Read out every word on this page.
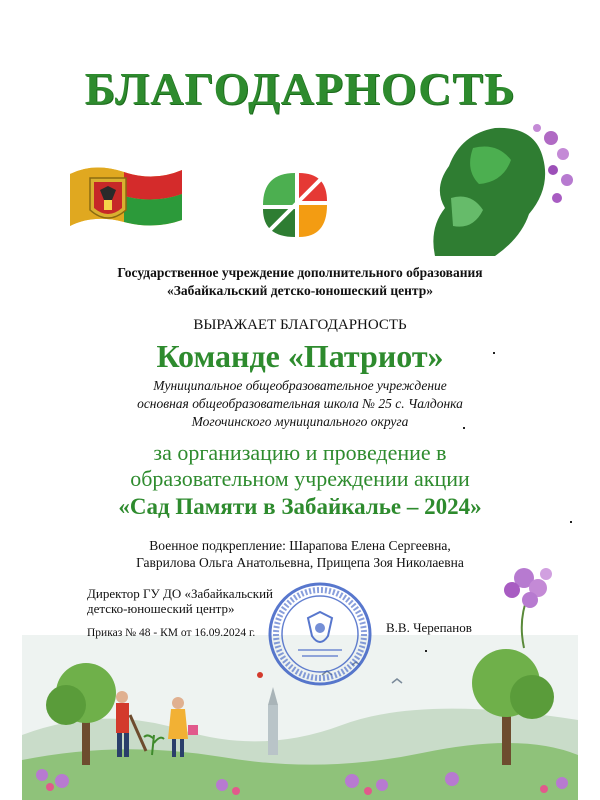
БЛАГОДАРНОСТЬ
Государственное учреждение дополнительного образования
«Забайкальский детско-юношеский центр»
ВЫРАЖАЕТ БЛАГОДАРНОСТЬ
Команде «Патриот»
Муниципальное общеобразовательное учреждение
основная общеобразовательная школа № 25 с. Чалдонка
Могочинского муниципального округа
за организацию и проведение в
образовательном учреждении акции
«Сад Памяти в Забайкалье – 2024»
Военное подкрепление: Шарапова Елена Сергеевна,
Гаврилова Ольга Анатольевна, Прищепа Зоя Николаевна
Директор ГУ ДО «Забайкальский
детско-юношеский центр»
Приказ № 48 - КМ от 16.09.2024 г.	В.В. Черепанов
